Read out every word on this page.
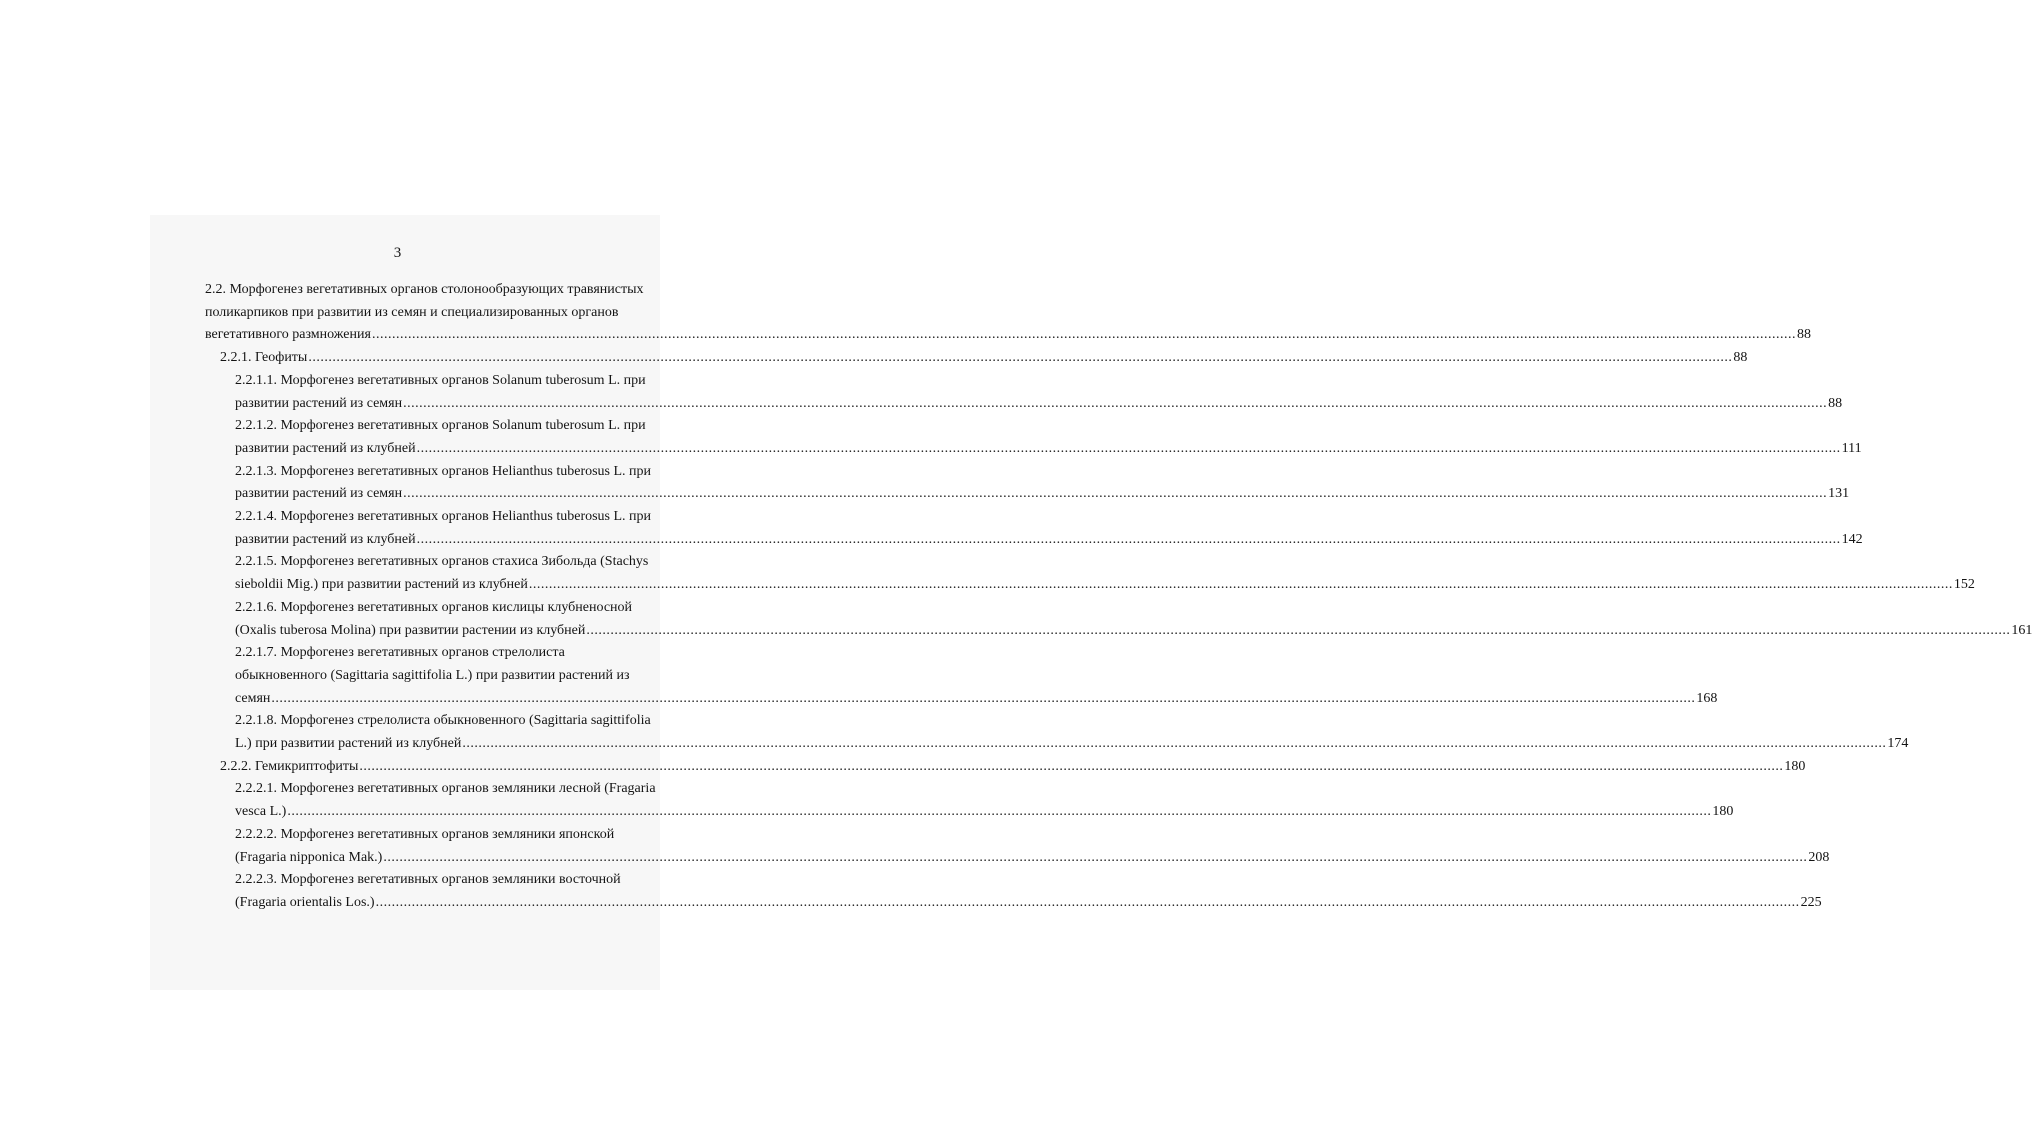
3
2.2. Морфогенез вегетативных органов столонообразующих травянистых
поликарпиков при развитии из семян и специализированных органов
вегетативного размножения .................................................................................................................................................................................................................................................................................................................................................................... 88
2.2.1. Геофиты .................................................................................................................................................................................................................................................................................................................................................................... 88
2.2.1.1. Морфогенез вегетативных органов Solanum tuberosum L. при
развитии растений из семян .................................................................................................................................................................................................................................................................................................................................................................... 88
2.2.1.2. Морфогенез вегетативных органов Solanum tuberosum L. при
развитии растений из клубней .................................................................................................................................................................................................................................................................................................................................................................... 111
2.2.1.3. Морфогенез вегетативных органов Helianthus tuberosus L. при
развитии растений из семян .................................................................................................................................................................................................................................................................................................................................................................... 131
2.2.1.4. Морфогенез вегетативных органов Helianthus tuberosus L. при
развитии растений из клубней .................................................................................................................................................................................................................................................................................................................................................................... 142
2.2.1.5. Морфогенез вегетативных органов стахиса Зибольда (Stachys
sieboldii Mig.) при развитии растений из клубней .................................................................................................................................................................................................................................................................................................................................................................... 152
2.2.1.6. Морфогенез вегетативных органов кислицы клубненосной
(Oxalis tuberosa Molina) при развитии растении из клубней .................................................................................................................................................................................................................................................................................................................................................................... 161
2.2.1.7. Морфогенез вегетативных органов стрелолиста
обыкновенного (Sagittaria sagittifolia L.) при развитии растений из
семян .................................................................................................................................................................................................................................................................................................................................................................... 168
2.2.1.8. Морфогенез стрелолиста обыкновенного (Sagittaria sagittifolia
L.) при развитии растений из клубней .................................................................................................................................................................................................................................................................................................................................................................... 174
2.2.2. Гемикриптофиты .................................................................................................................................................................................................................................................................................................................................................................... 180
2.2.2.1. Морфогенез вегетативных органов земляники лесной (Fragaria
vesca L.) .................................................................................................................................................................................................................................................................................................................................................................... 180
2.2.2.2. Морфогенез вегетативных органов земляники японской
(Fragaria nipponica Mak.) .................................................................................................................................................................................................................................................................................................................................................................... 208
2.2.2.3. Морфогенез вегетативных органов земляники восточной
(Fragaria orientalis Los.) .................................................................................................................................................................................................................................................................................................................................................................... 225
